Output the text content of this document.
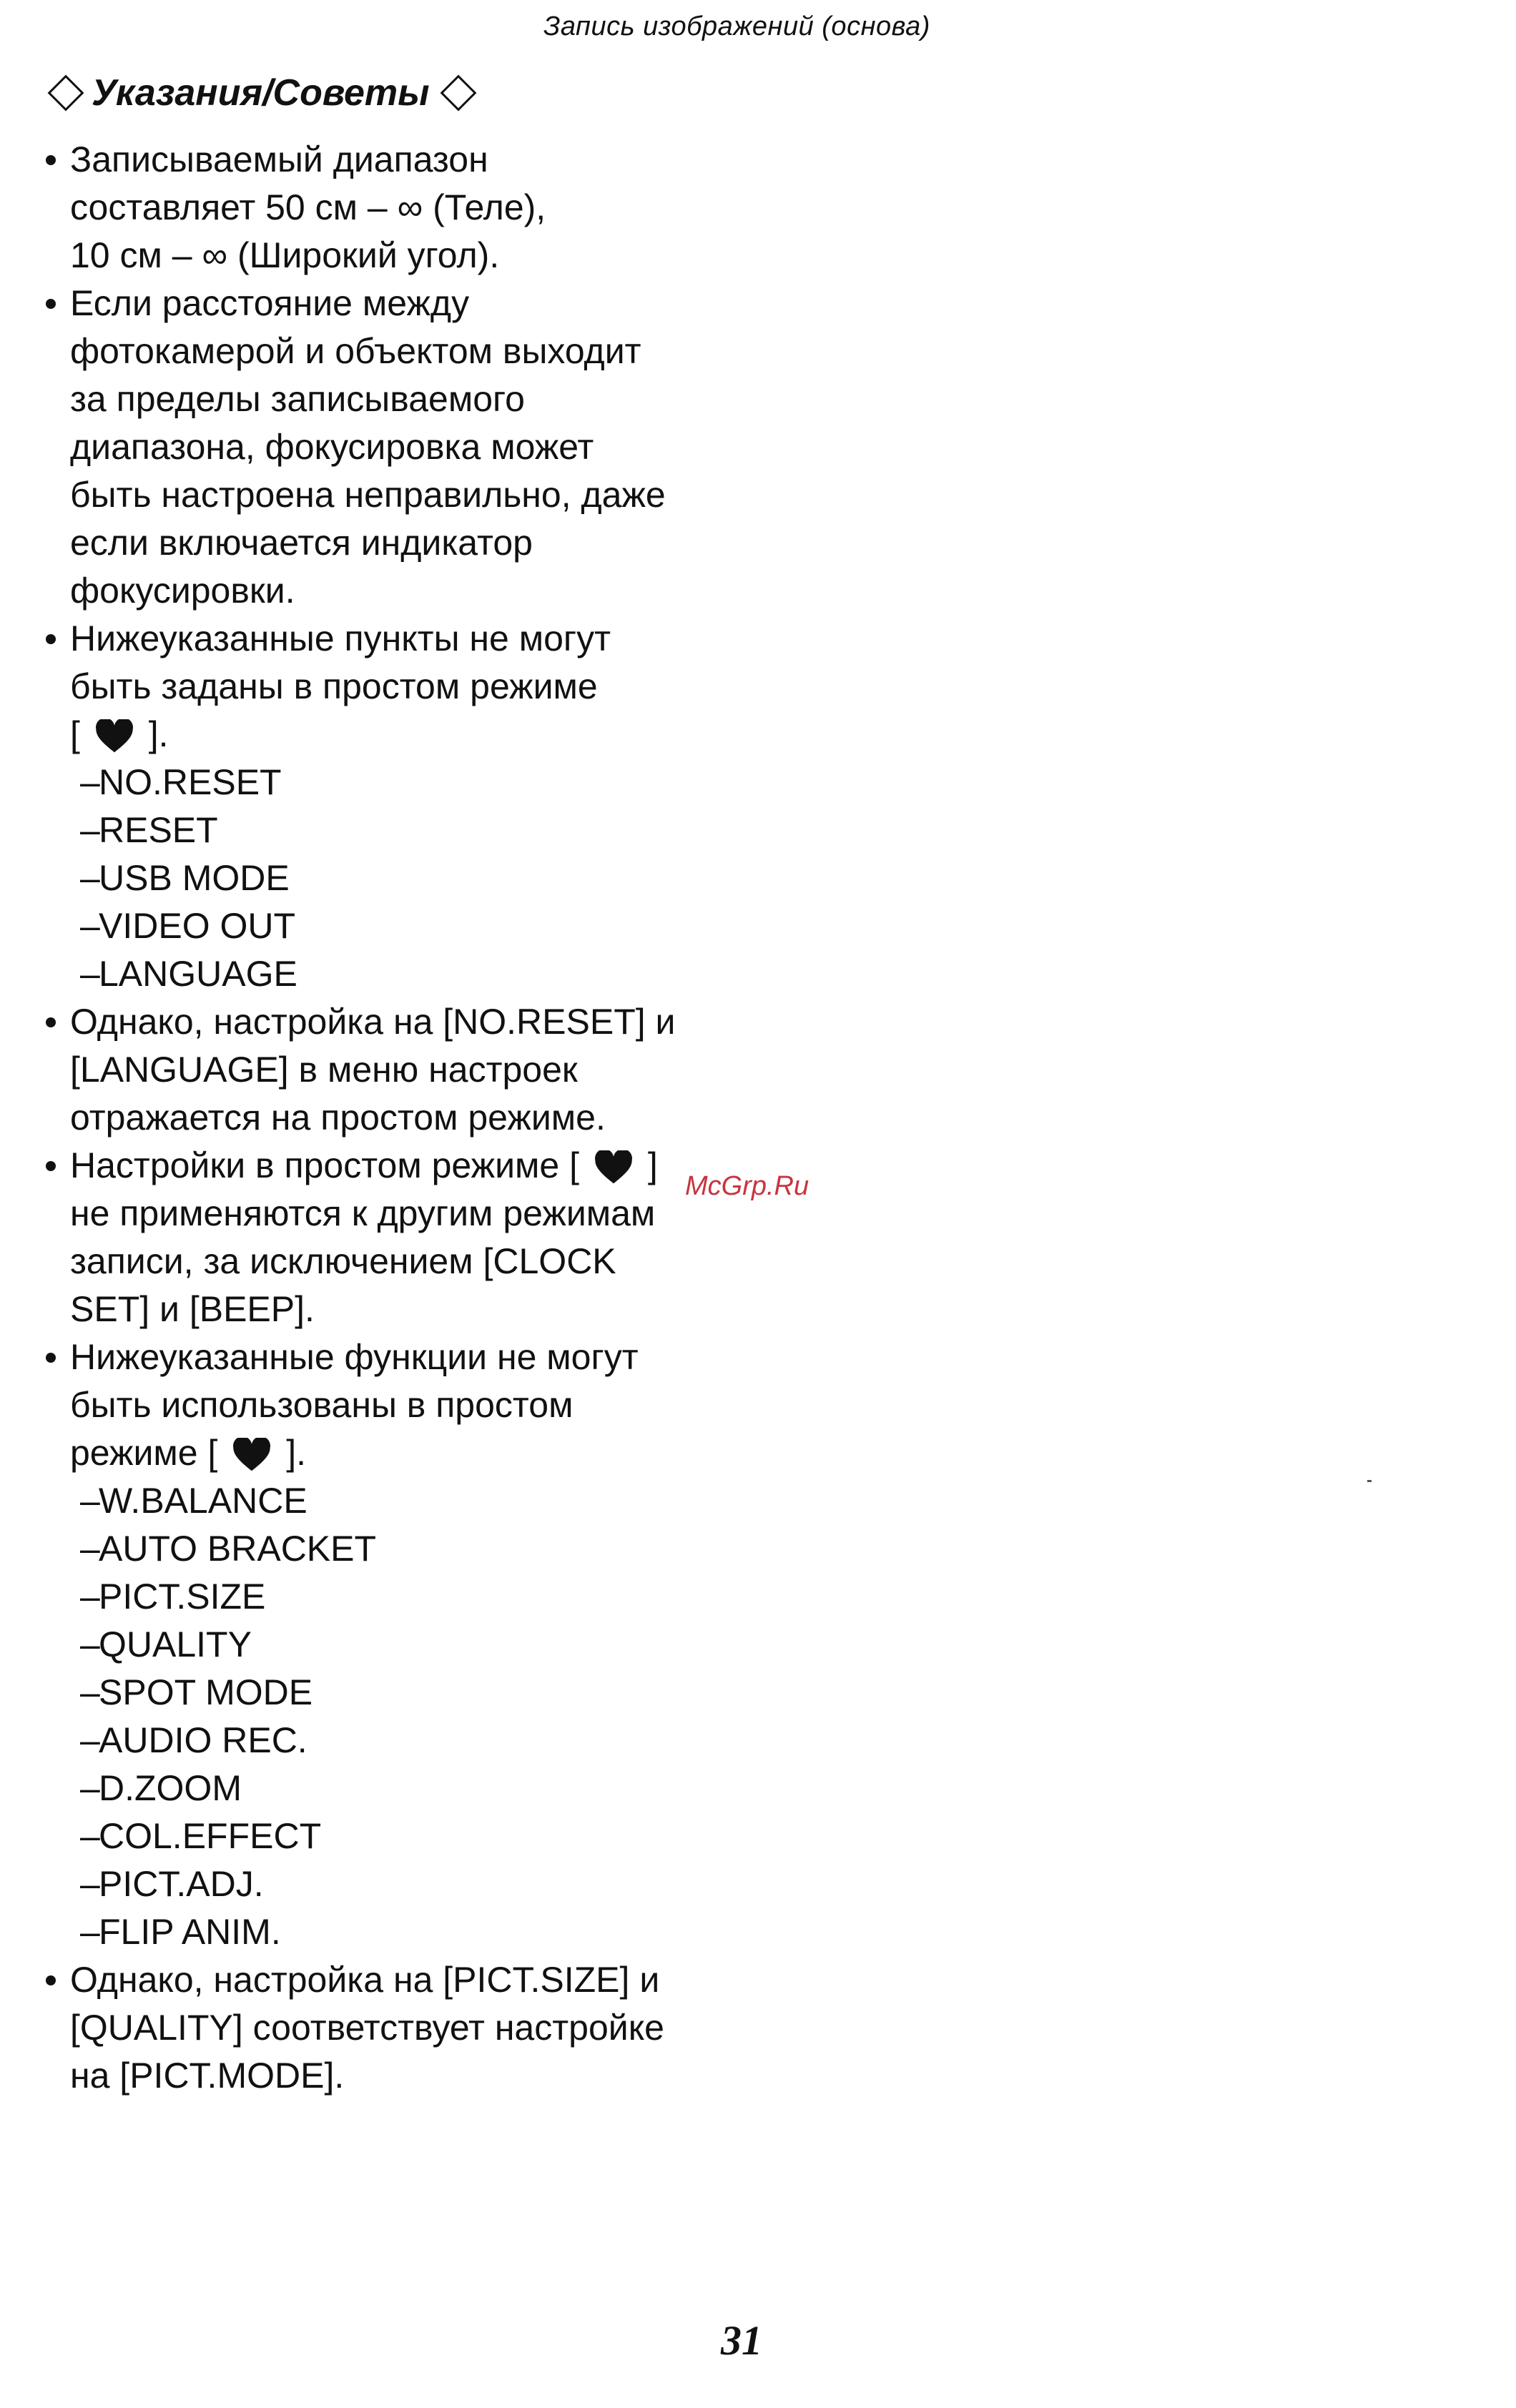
Запись изображений (основа)
Указания/Советы
Записываемый диапазон
составляет 50 см – ∞ (Теле),
10 см – ∞ (Широкий угол).
Если расстояние между
фотокамерой и объектом выходит
за пределы записываемого
диапазона, фокусировка может
быть настроена неправильно, даже
если включается индикатор
фокусировки.
Нижеуказанные пункты не могут
быть заданы в простом режиме
[ ].
–NO.RESET
–RESET
–USB MODE
–VIDEO OUT
–LANGUAGE
Однако, настройка на [NO.RESET] и
[LANGUAGE] в меню настроек
отражается на простом режиме.
Настройки в простом режиме [ ]
не применяются к другим режимам
записи, за исключением [CLOCK
SET] и [BEEP].
Нижеуказанные функции не могут
быть использованы в простом
режиме [ ].
–W.BALANCE
–AUTO BRACKET
–PICT.SIZE
–QUALITY
–SPOT MODE
–AUDIO REC.
–D.ZOOM
–COL.EFFECT
–PICT.ADJ.
–FLIP ANIM.
Однако, настройка на [PICT.SIZE] и
[QUALITY] соответствует настройке
на [PICT.MODE].
McGrp.Ru
31
